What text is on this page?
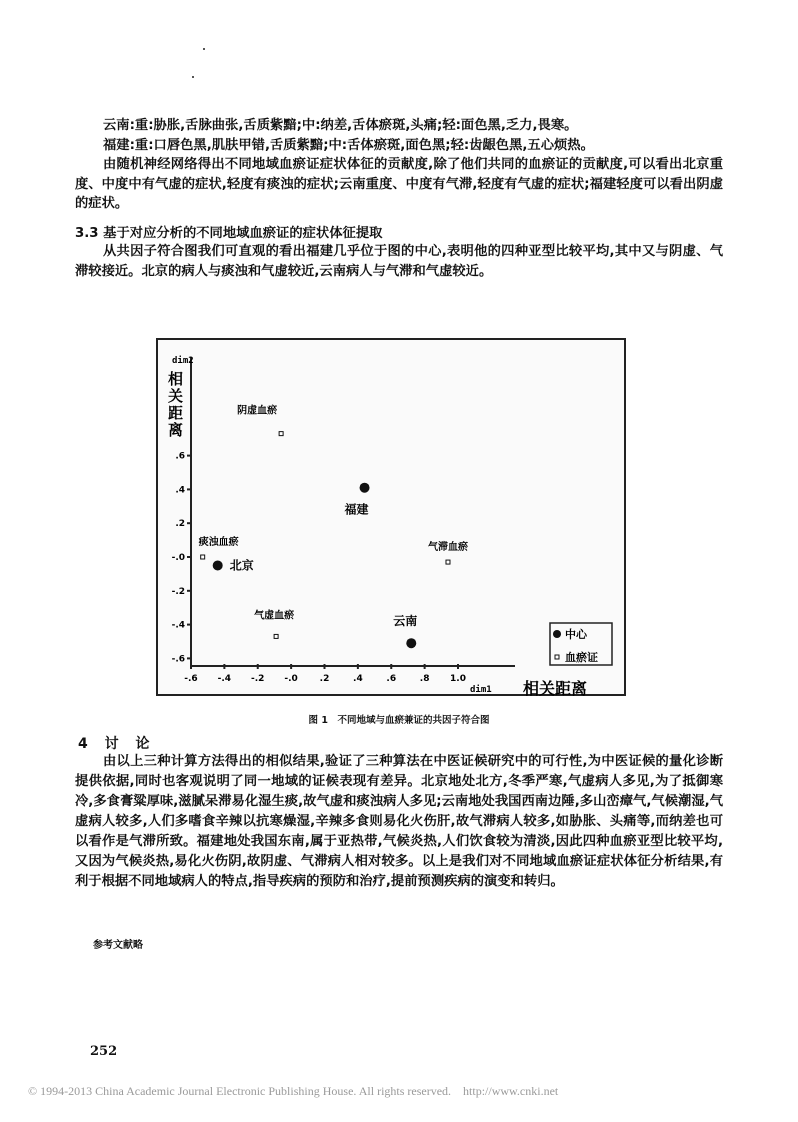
云南:重:胁胀,舌脉曲张,舌质紫黯;中:纳差,舌体瘀斑,头痛;轻:面色黑,乏力,畏寒。

福建:重:口唇色黑,肌肤甲错,舌质紫黯;中:舌体瘀斑,面色黑;轻:齿龈色黑,五心烦热。

由随机神经网络得出不同地域血瘀证症状体征的贡献度,除了他们共同的血瘀证的贡献度,可以看出北京重度、中度中有气虚的症状,轻度有痰浊的症状;云南重度、中度有气滞,轻度有气虚的症状;福建轻度可以看出阴虚的症状。

3.3 基于对应分析的不同地域血瘀证的症状体征提取

从共因子符合图我们可直观的看出福建几乎位于图的中心,表明他的四种亚型比较平均,其中又与阴虚、气滞较接近。北京的病人与痰浊和气虚较近,云南病人与气滞和气虚较近。

dim2
相
关
距
离
dim1 相关距离
-.6 -.4 -.2 -.0 .2	.4	.6	.8 1.0
.6
.4
.2
-.0
-.2
-.4
-.6
福建
北京
云南
阴虚血瘀
痰浊血瘀	气滞血瘀
气虚血瘀
中心
血瘀证
图 1　不同地域与血瘀兼证的共因子符合图
4 讨 论

由以上三种计算方法得出的相似结果,验证了三种算法在中医证候研究中的可行性,为中医证候的量化诊断提供依据,同时也客观说明了同一地域的证候表现有差异。北京地处北方,冬季严寒,气虚病人多见,为了抵御寒冷,多食膏粱厚味,滋腻呆滞易化湿生痰,故气虚和痰浊病人多见;云南地处我国西南边陲,多山峦瘴气,气候潮湿,气虚病人较多,人们多嗜食辛辣以抗寒燥湿,辛辣多食则易化火伤肝,故气滞病人较多,如胁胀、头痛等,而纳差也可以看作是气滞所致。福建地处我国东南,属于亚热带,气候炎热,人们饮食较为清淡,因此四种血瘀亚型比较平均,又因为气候炎热,易化火伤阴,故阴虚、气滞病人相对较多。以上是我们对不同地域血瘀证症状体征分析结果,有利于根据不同地域病人的特点,指导疾病的预防和治疗,提前预测疾病的演变和转归。

参考文献略
252
© 1994-2013 China Academic Journal Electronic Publishing House. All rights reserved.    http://www.cnki.net
